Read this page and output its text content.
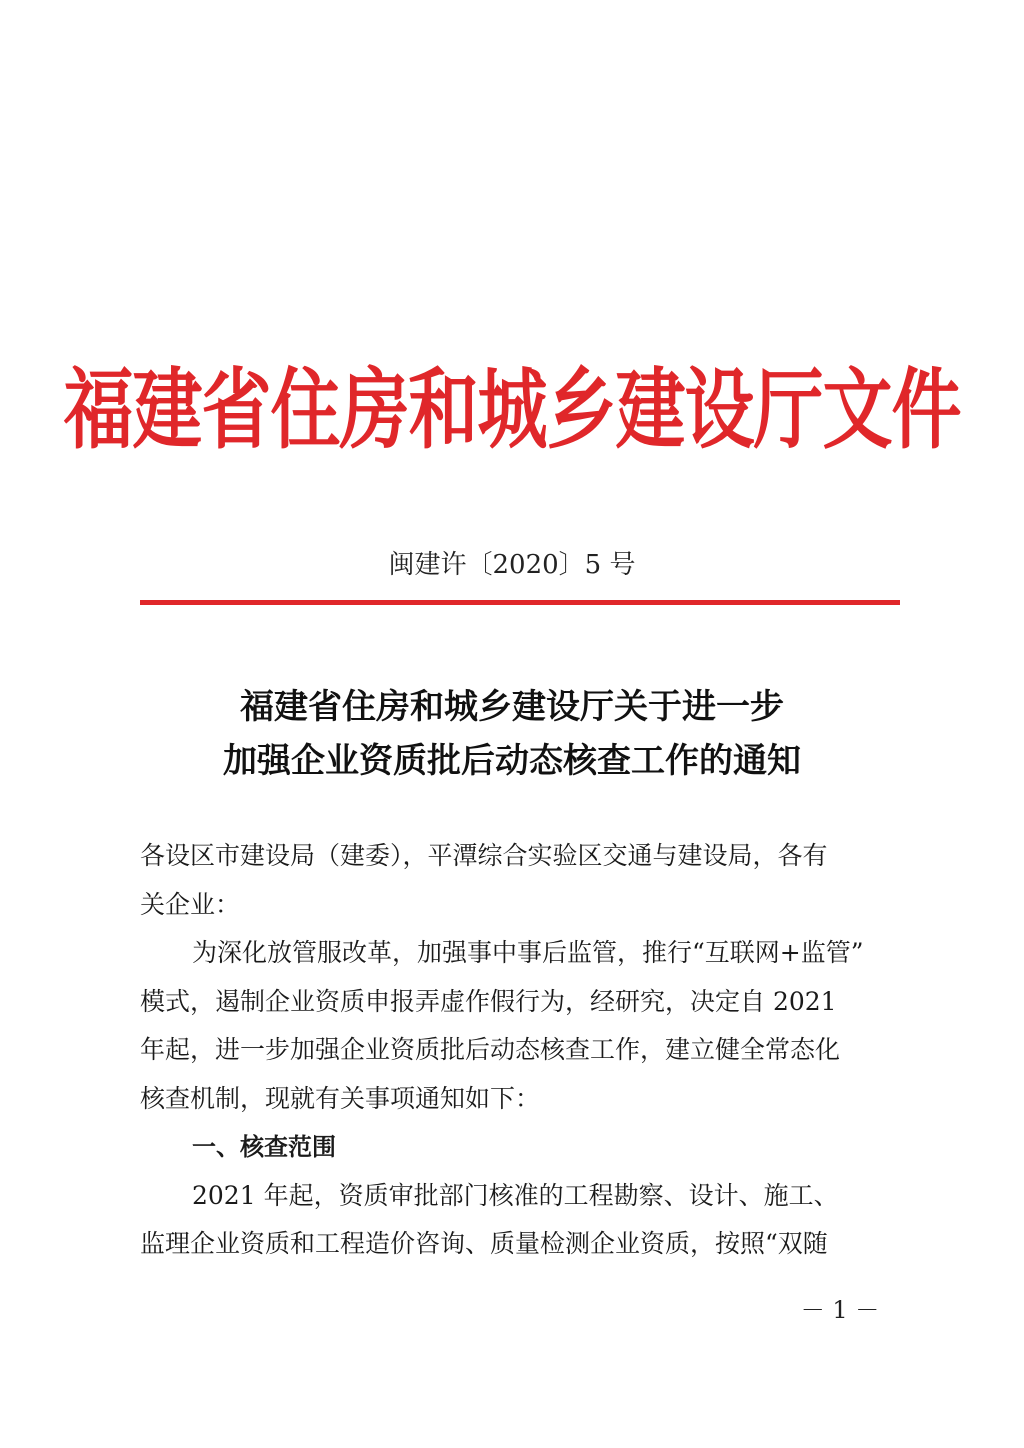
福建省住房和城乡建设厅文件
闽建许〔2020〕5 号
福建省住房和城乡建设厅关于进一步
加强企业资质批后动态核查工作的通知
各设区市建设局（建委），平潭综合实验区交通与建设局，各有
关企业：
为深化放管服改革，加强事中事后监管，推行“互联网+监管”
模式，遏制企业资质申报弄虚作假行为，经研究，决定自 2021
年起，进一步加强企业资质批后动态核查工作，建立健全常态化
核查机制，现就有关事项通知如下：
一、核查范围
2021 年起，资质审批部门核准的工程勘察、设计、施工、
监理企业资质和工程造价咨询、质量检测企业资质，按照“双随
－ 1 －
